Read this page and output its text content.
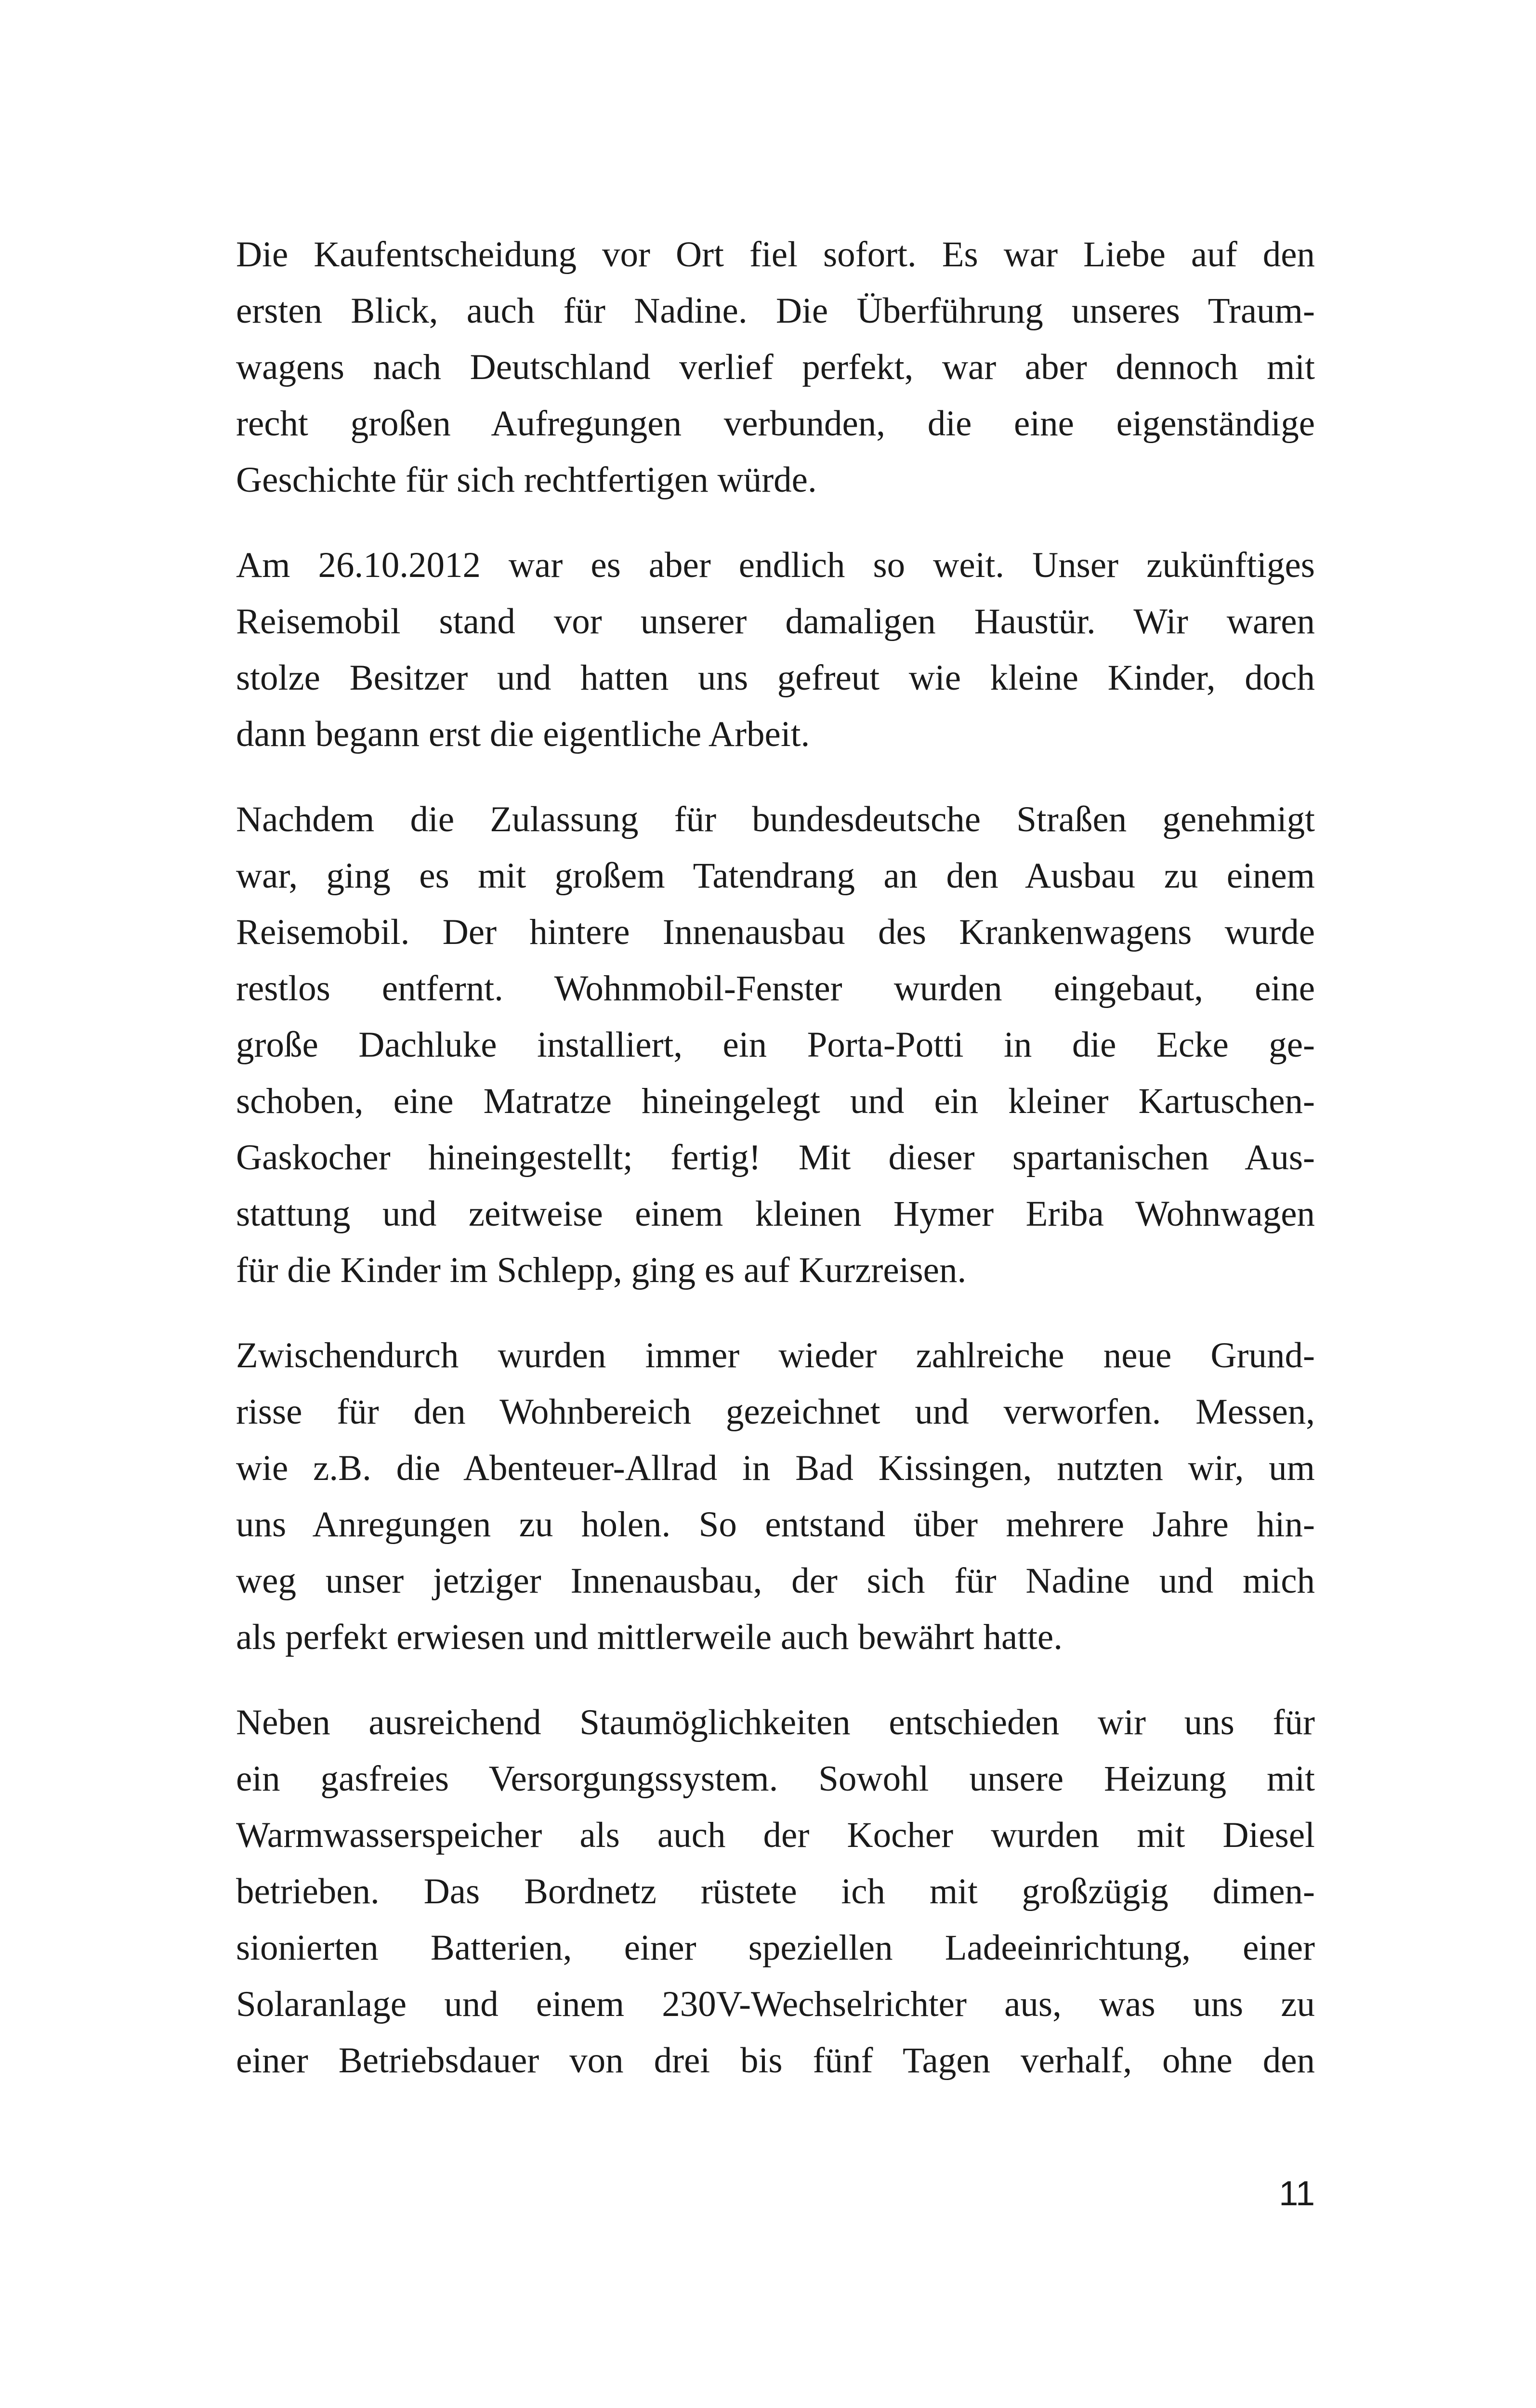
Die Kaufentscheidung vor Ort fiel sofort. Es war Liebe auf den
ersten Blick, auch für Nadine. Die Überführung unseres Traum-
wagens nach Deutschland verlief perfekt, war aber dennoch mit
recht großen Aufregungen verbunden, die eine eigenständige
Geschichte für sich rechtfertigen würde.
Am 26.10.2012 war es aber endlich so weit. Unser zukünftiges
Reisemobil stand vor unserer damaligen Haustür. Wir waren
stolze Besitzer und hatten uns gefreut wie kleine Kinder, doch
dann begann erst die eigentliche Arbeit.
Nachdem die Zulassung für bundesdeutsche Straßen genehmigt
war, ging es mit großem Tatendrang an den Ausbau zu einem
Reisemobil. Der hintere Innenausbau des Krankenwagens wurde
restlos entfernt. Wohnmobil-Fenster wurden eingebaut, eine
große Dachluke installiert, ein Porta-Potti in die Ecke ge-
schoben, eine Matratze hineingelegt und ein kleiner Kartuschen-
Gaskocher hineingestellt; fertig! Mit dieser spartanischen Aus-
stattung und zeitweise einem kleinen Hymer Eriba Wohnwagen
für die Kinder im Schlepp, ging es auf Kurzreisen.
Zwischendurch wurden immer wieder zahlreiche neue Grund-
risse für den Wohnbereich gezeichnet und verworfen. Messen,
wie z.B. die Abenteuer-Allrad in Bad Kissingen, nutzten wir, um
uns Anregungen zu holen. So entstand über mehrere Jahre hin-
weg unser jetziger Innenausbau, der sich für Nadine und mich
als perfekt erwiesen und mittlerweile auch bewährt hatte.
Neben ausreichend Staumöglichkeiten entschieden wir uns für
ein gasfreies Versorgungssystem. Sowohl unsere Heizung mit
Warmwasserspeicher als auch der Kocher wurden mit Diesel
betrieben. Das Bordnetz rüstete ich mit großzügig dimen-
sionierten Batterien, einer speziellen Ladeeinrichtung, einer
Solaranlage und einem 230V-Wechselrichter aus, was uns zu
einer Betriebsdauer von drei bis fünf Tagen verhalf, ohne den
11
